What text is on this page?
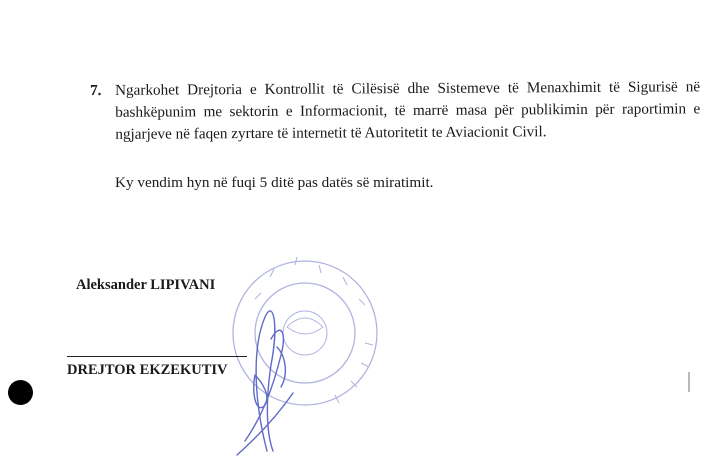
7. Ngarkohet Drejtoria e Kontrollit të Cilësisë dhe Sistemeve të Menaxhimit të Sigurisë në bashkëpunim me sektorin e Informacionit, të marrë masa për publikimin për raportimin e ngjarjeve në faqen zyrtare të internetit të Autoritetit te Aviacionit Civil.
Ky vendim hyn në fuqi 5 ditë pas datës së miratimit.
Aleksander LIPIVANI
DREJTOR EKZEKUTIV
